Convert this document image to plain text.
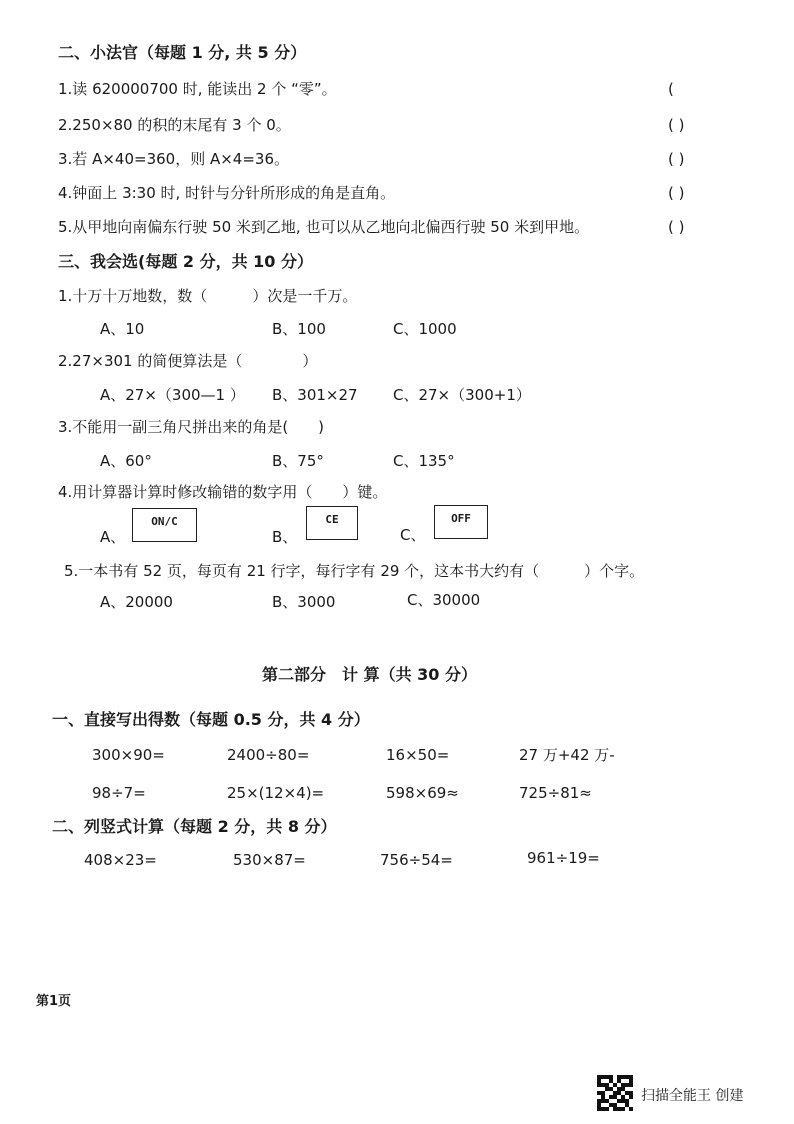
二、小法官（每题 1 分, 共 5 分）
1.读 620000700 时, 能读出 2 个 “零”。	(
2.250×80 的积的末尾有 3 个 0。	( )
3.若 A×40=360，则 A×4=36。	( )
4.钟面上 3:30 时, 时针与分针所形成的角是直角。	( )
5.从甲地向南偏东行驶 50 米到乙地, 也可以从乙地向北偏西行驶 50 米到甲地。	( )
三、我会选(每题 2 分，共 10 分）
1.十万十万地数，数（　　　）次是一千万。
A、10	B、100	C、1000
2.27×301 的简便算法是（　　　　）
A、27×（300—1 ） B、301×27 C、27×（300+1）
3.不能用一副三角尺拼出来的角是(　　)
A、60°	B、75°	C、135°
4.用计算器计算时修改输错的数字用（　　）键。
A、
ON/C
B、
CE
C、
OFF
5.一本书有 52 页，每页有 21 行字，每行字有 29 个，这本书大约有（　　　）个字。
A、20000	B、3000	C、30000
第二部分　计 算（共 30 分）
一、直接写出得数（每题 0.5 分，共 4 分）
300×90=	2400÷80=	16×50=	27 万+42 万-
98÷7=	25×(12×4)=	598×69≈	725÷81≈
二、列竖式计算（每题 2 分，共 8 分）
408×23=	530×87=	756÷54=	961÷19=
第1页
扫描全能王 创建
